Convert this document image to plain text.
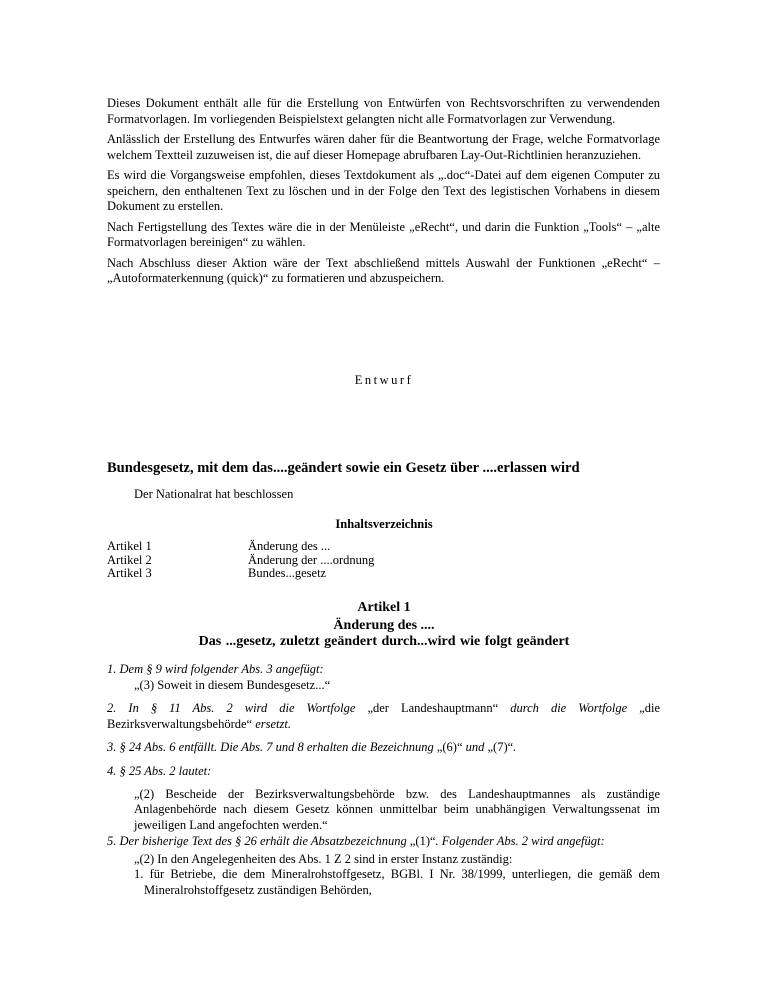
Dieses Dokument enthält alle für die Erstellung von Entwürfen von Rechtsvorschriften zu verwendenden Formatvorlagen. Im vorliegenden Beispielstext gelangten nicht alle Formatvorlagen zur Verwendung.

Anlässlich der Erstellung des Entwurfes wären daher für die Beantwortung der Frage, welche Formatvorlage welchem Textteil zuzuweisen ist, die auf dieser Homepage abrufbaren Lay-Out-Richtlinien heranzuziehen.

Es wird die Vorgangsweise empfohlen, dieses Textdokument als „.doc“-Datei auf dem eigenen Computer zu speichern, den enthaltenen Text zu löschen und in der Folge den Text des legistischen Vorhabens in diesem Dokument zu erstellen.

Nach Fertigstellung des Textes wäre die in der Menüleiste „eRecht“, und darin die Funktion „Tools“ – „alte Formatvorlagen bereinigen“ zu wählen.

Nach Abschluss dieser Aktion wäre der Text abschließend mittels Auswahl der Funktionen „eRecht“ – „Autoformaterkennung (quick)“ zu formatieren und abzuspeichern.

Entwurf
Bundesgesetz, mit dem das....geändert sowie ein Gesetz über ....erlassen wird
Der Nationalrat hat beschlossen
Inhaltsverzeichnis
Artikel 1	Änderung des ...
Artikel 2	Änderung der ....ordnung
Artikel 3	Bundes...gesetz
Artikel 1
Änderung des ....
Das ...gesetz, zuletzt geändert durch...wird wie folgt geändert

1. Dem § 9 wird folgender Abs. 3 angefügt:

„(3) Soweit in diesem Bundesgesetz...“

2. In § 11 Abs. 2 wird die Wortfolge „der Landeshauptmann“ durch die Wortfolge „die Bezirksverwaltungsbehörde“ ersetzt.

3. § 24 Abs. 6 entfällt. Die Abs. 7 und 8 erhalten die Bezeichnung „(6)“ und „(7)“.

4. § 25 Abs. 2 lautet:

„(2) Bescheide der Bezirksverwaltungsbehörde bzw. des Landeshauptmannes als zuständige Anlagenbehörde nach diesem Gesetz können unmittelbar beim unabhängigen Verwaltungssenat im jeweiligen Land angefochten werden.“

5. Der bisherige Text des § 26 erhält die Absatzbezeichnung „(1)“. Folgender Abs. 2 wird angefügt:

„(2) In den Angelegenheiten des Abs. 1 Z 2 sind in erster Instanz zuständig:

1. für Betriebe, die dem Mineralrohstoffgesetz, BGBl. I Nr. 38/1999, unterliegen, die gemäß dem Mineralrohstoffgesetz zuständigen Behörden,
